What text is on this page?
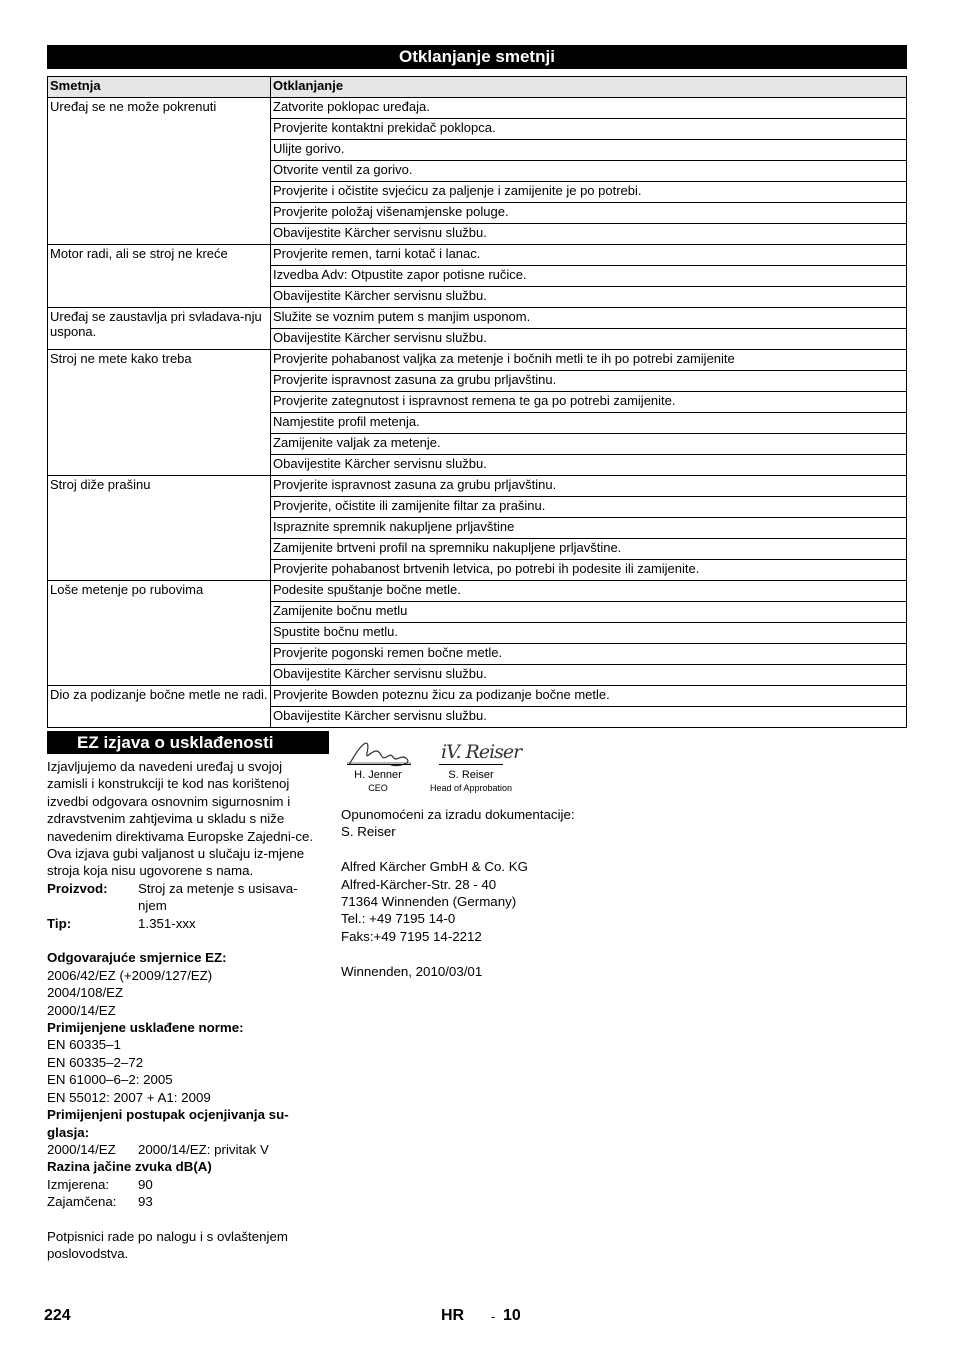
Otklanjanje smetnji
Smetnja	Otklanjanje
Uređaj se ne može pokrenuti	Zatvorite poklopac uređaja.
	Provjerite kontaktni prekidač poklopca.
	Ulijte gorivo.
	Otvorite ventil za gorivo.
	Provjerite i očistite svjećicu za paljenje i zamijenite je po potrebi.
	Provjerite položaj višenamjenske poluge.
	Obavijestite Kärcher servisnu službu.
Motor radi, ali se stroj ne kreće	Provjerite remen, tarni kotač i lanac.
	Izvedba Adv: Otpustite zapor potisne ručice.
	Obavijestite Kärcher servisnu službu.
Uređaj se zaustavlja pri svladava-nju uspona.	Služite se voznim putem s manjim usponom.
	Obavijestite Kärcher servisnu službu.
Stroj ne mete kako treba	Provjerite pohabanost valjka za metenje i bočnih metli te ih po potrebi zamijenite
	Provjerite ispravnost zasuna za grubu prljavštinu.
	Provjerite zategnutost i ispravnost remena te ga po potrebi zamijenite.
	Namjestite profil metenja.
	Zamijenite valjak za metenje.
	Obavijestite Kärcher servisnu službu.
Stroj diže prašinu	Provjerite ispravnost zasuna za grubu prljavštinu.
	Provjerite, očistite ili zamijenite filtar za prašinu.
	Ispraznite spremnik nakupljene prljavštine
	Zamijenite brtveni profil na spremniku nakupljene prljavštine.
	Provjerite pohabanost brtvenih letvica, po potrebi ih podesite ili zamijenite.
Loše metenje po rubovima	Podesite spuštanje bočne metle.
	Zamijenite bočnu metlu
	Spustite bočnu metlu.
	Provjerite pogonski remen bočne metle.
	Obavijestite Kärcher servisnu službu.
Dio za podizanje bočne metle ne radi.	Provjerite Bowden poteznu žicu za podizanje bočne metle.
	Obavijestite Kärcher servisnu službu.
EZ izjava o usklađenosti

Izjavljujemo da navedeni uređaj u svojoj zamisli i konstrukciji te kod nas korištenoj izvedbi odgovara osnovnim sigurnosnim i zdravstvenim zahtjevima u skladu s niže navedenim direktivama Europske Zajedni-ce. Ova izjava gubi valjanost u slučaju iz-mjene stroja koja nisu ugovorene s nama.

Proizvod:	Stroj za metenje s usisava-njem
Tip:	1.351-xxx

Odgovarajuće smjernice EZ:

2006/42/EZ (+2009/127/EZ)

2004/108/EZ

2000/14/EZ

Primijenjene usklađene norme:

EN 60335–1

EN 60335–2–72

EN 61000–6–2: 2005

EN 55012: 2007 + A1: 2009

Primijenjeni postupak ocjenjivanja su-glasja:

2000/14/EZ	2000/14/EZ: privitak V

Razina jačine zvuka dB(A)

Izmjerena:	90
Zajamčena:	93

Potpisnici rade po nalogu i s ovlaštenjem poslovodstva.

iV. Reiser
H. Jenner
CEO
S. Reiser
Head of Approbation

Opunomoćeni za izradu dokumentacije:

S. Reiser

Alfred Kärcher GmbH & Co. KG

Alfred-Kärcher-Str. 28 - 40

71364 Winnenden (Germany)

Tel.: +49 7195 14-0

Faks:+49 7195 14-2212

Winnenden, 2010/03/01

224	HR - 10
